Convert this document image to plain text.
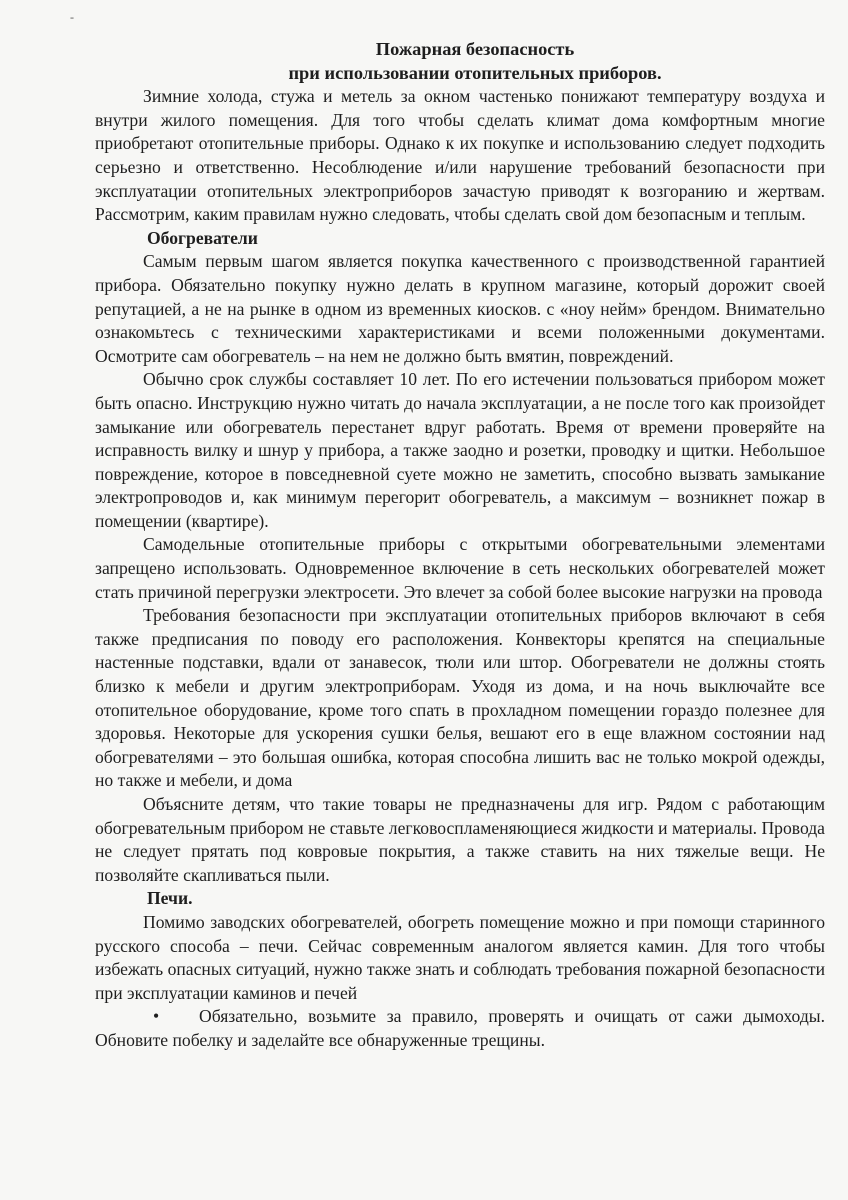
-
Пожарная безопасность
при использовании отопительных приборов.

Зимние холода, стужа и метель за окном частенько понижают температуру воздуха и внутри жилого помещения. Для того чтобы сделать климат дома комфортным многие приобретают отопительные приборы. Однако к их покупке и использованию следует подходить серьезно и ответственно. Несоблюдение и/или нарушение требований безопасности при эксплуатации отопительных электроприборов зачастую приводят к возгоранию и жертвам. Рассмотрим, каким правилам нужно следовать, чтобы сделать свой дом безопасным и теплым.

Обогреватели

Самым первым шагом является покупка качественного с производственной гарантией прибора. Обязательно покупку нужно делать в крупном магазине, который дорожит своей репутацией, а не на рынке в одном из временных киосков. с «ноу нейм» брендом. Внимательно ознакомьтесь с техническими характеристиками и всеми положенными документами. Осмотрите сам обогреватель – на нем не должно быть вмятин, повреждений.

Обычно срок службы составляет 10 лет. По его истечении пользоваться прибором может быть опасно. Инструкцию нужно читать до начала эксплуатации, а не после того как произойдет замыкание или обогреватель перестанет вдруг работать. Время от времени проверяйте на исправность вилку и шнур у прибора, а также заодно и розетки, проводку и щитки. Небольшое повреждение, которое в повседневной суете можно не заметить, способно вызвать замыкание электропроводов и, как минимум перегорит обогреватель, а максимум – возникнет пожар в помещении (квартире).

Самодельные отопительные приборы с открытыми обогревательными элементами запрещено использовать. Одновременное включение в сеть нескольких обогревателей может стать причиной перегрузки электросети. Это влечет за собой более высокие нагрузки на провода

Требования безопасности при эксплуатации отопительных приборов включают в себя также предписания по поводу его расположения. Конвекторы крепятся на специальные настенные подставки, вдали от занавесок, тюли или штор. Обогреватели не должны стоять близко к мебели и другим электроприборам. Уходя из дома, и на ночь выключайте все отопительное оборудование, кроме того спать в прохладном помещении гораздо полезнее для здоровья. Некоторые для ускорения сушки белья, вешают его в еще влажном состоянии над обогревателями – это большая ошибка, которая способна лишить вас не только мокрой одежды, но также и мебели, и дома

Объясните детям, что такие товары не предназначены для игр. Рядом с работающим обогревательным прибором не ставьте легковоспламеняющиеся жидкости и материалы. Провода не следует прятать под ковровые покрытия, а также ставить на них тяжелые вещи. Не позволяйте скапливаться пыли.

Печи.

Помимо заводских обогревателей, обогреть помещение можно и при помощи старинного русского способа – печи. Сейчас современным аналогом является камин. Для того чтобы избежать опасных ситуаций, нужно также знать и соблюдать требования пожарной безопасности при эксплуатации каминов и печей

• Обязательно, возьмите за правило, проверять и очищать от сажи дымоходы. Обновите побелку и заделайте все обнаруженные трещины.
